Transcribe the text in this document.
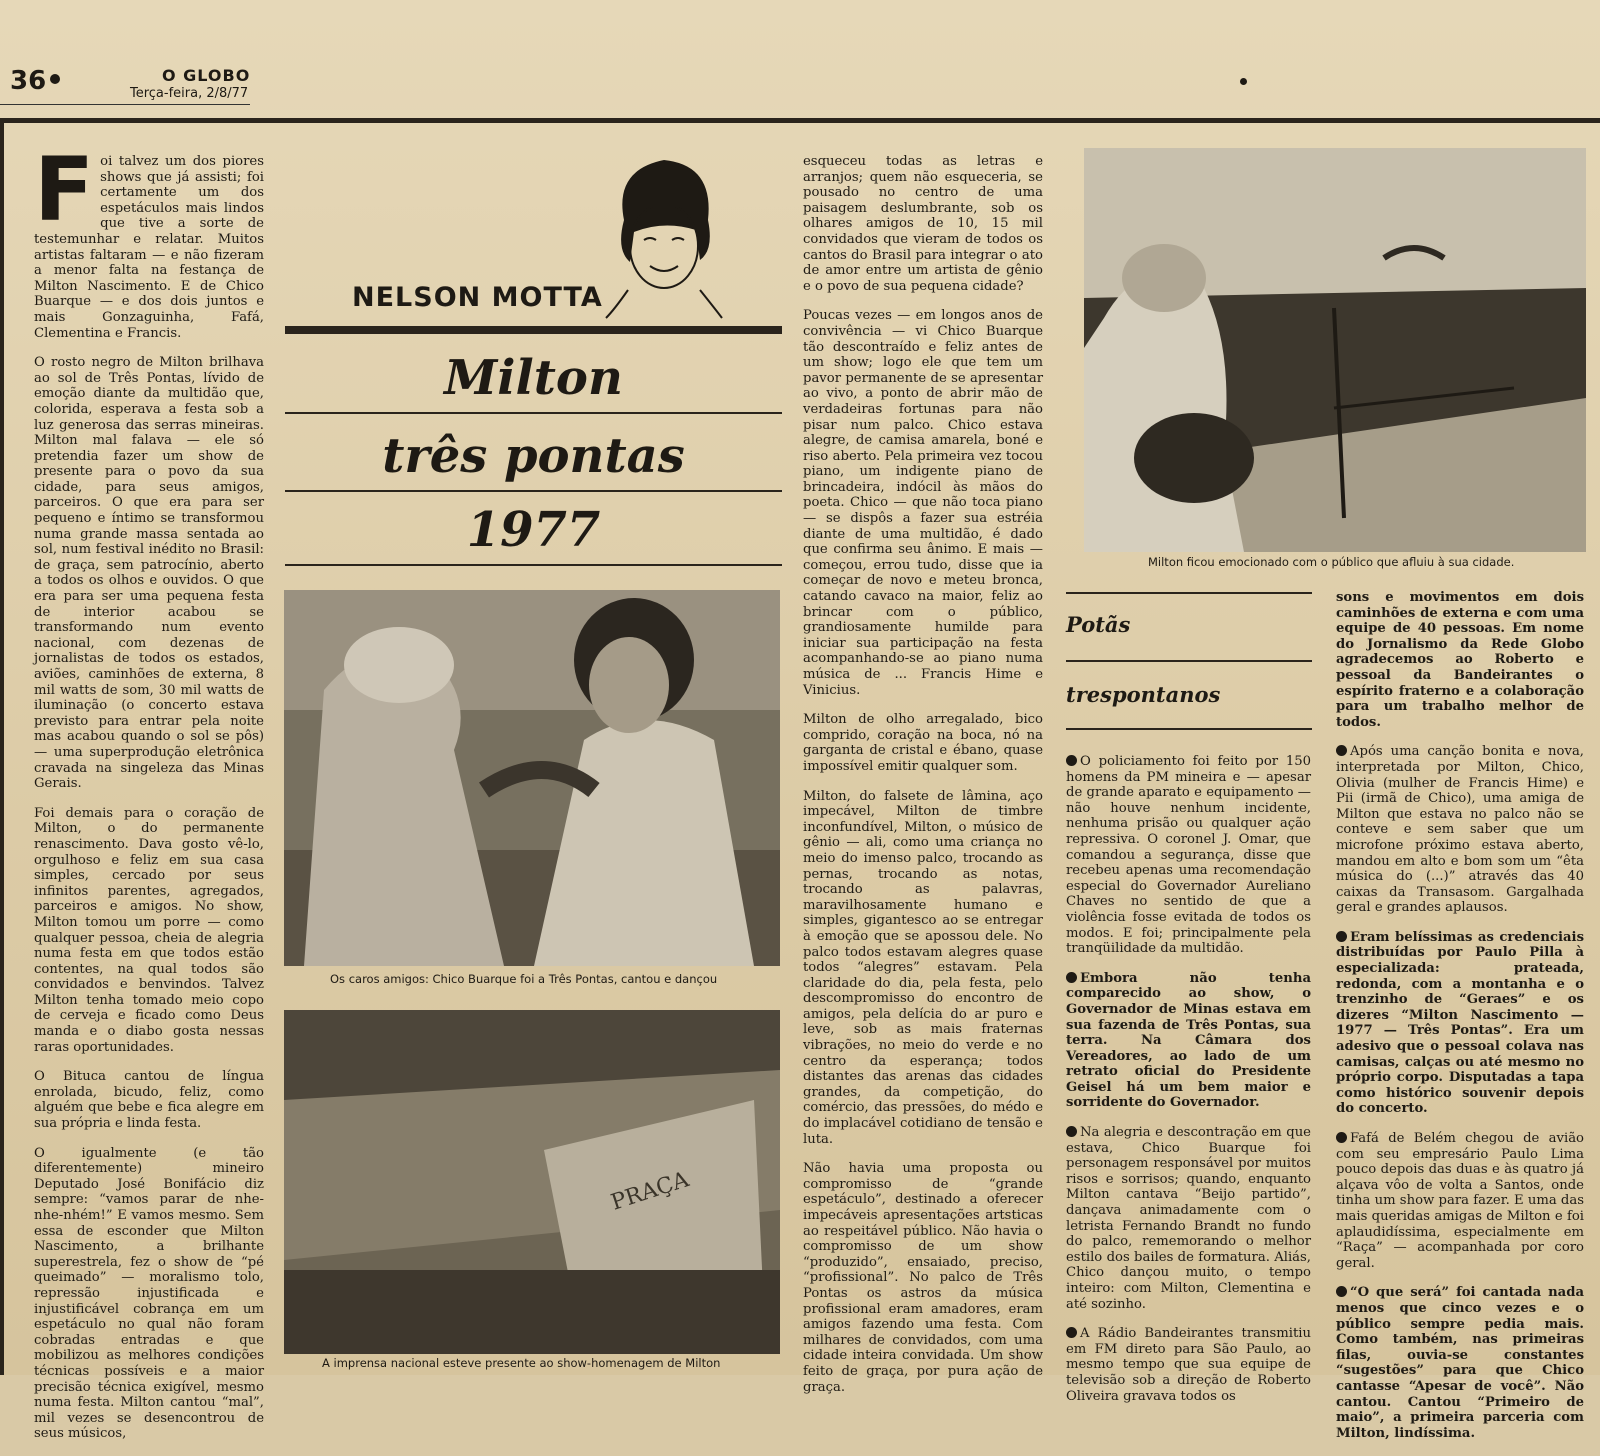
36	O GLOBO
Terça-feira, 2/8/77

Foi talvez um dos piores shows que já assisti; foi certamente um dos espetáculos mais lindos que tive a sorte de testemunhar e relatar. Muitos artistas faltaram — e não fizeram a menor falta na festança de Milton Nascimento. E de Chico Buarque — e dos dois juntos e mais Gonzaguinha, Fafá, Clementina e Francis.

O rosto negro de Milton brilhava ao sol de Três Pontas, lívido de emoção diante da multidão que, colorida, esperava a festa sob a luz generosa das serras mineiras. Milton mal falava — ele só pretendia fazer um show de presente para o povo da sua cidade, para seus amigos, parceiros. O que era para ser pequeno e íntimo se transformou numa grande massa sentada ao sol, num festival inédito no Brasil: de graça, sem patrocínio, aberto a todos os olhos e ouvidos. O que era para ser uma pequena festa de interior acabou se transformando num evento nacional, com dezenas de jornalistas de todos os estados, aviões, caminhões de externa, 8 mil watts de som, 30 mil watts de iluminação (o concerto estava previsto para entrar pela noite mas acabou quando o sol se pôs) — uma superprodução eletrônica cravada na singeleza das Minas Gerais.

Foi demais para o coração de Milton, o do permanente renascimento. Dava gosto vê-lo, orgulhoso e feliz em sua casa simples, cercado por seus infinitos parentes, agregados, parceiros e amigos. No show, Milton tomou um porre — como qualquer pessoa, cheia de alegria numa festa em que todos estão contentes, na qual todos são convidados e benvindos. Talvez Milton tenha tomado meio copo de cerveja e ficado como Deus manda e o diabo gosta nessas raras oportunidades.

O Bituca cantou de língua enrolada, bicudo, feliz, como alguém que bebe e fica alegre em sua própria e linda festa.

O igualmente (e tão diferentemente) mineiro Deputado José Bonifácio diz sempre: “vamos parar de nhe-nhe-nhém!” E vamos mesmo. Sem essa de esconder que Milton Nascimento, a brilhante superestrela, fez o show de “pé queimado” — moralismo tolo, repressão injustificada e injustificável cobrança em um espetáculo no qual não foram cobradas entradas e que mobilizou as melhores condições técnicas possíveis e a maior precisão técnica exigível, mesmo numa festa. Milton cantou “mal”, mil vezes se desencontrou de seus músicos,

NELSON MOTTA
Milton
três pontas
1977
Os caros amigos: Chico Buarque foi a Três Pontas, cantou e dançou
PRAÇA
A imprensa nacional esteve presente ao show-homenagem de Milton

esqueceu todas as letras e arranjos; quem não esqueceria, se pousado no centro de uma paisagem deslumbrante, sob os olhares amigos de 10, 15 mil convidados que vieram de todos os cantos do Brasil para integrar o ato de amor entre um artista de gênio e o povo de sua pequena cidade?

Poucas vezes — em longos anos de convivência — vi Chico Buarque tão descontraído e feliz antes de um show; logo ele que tem um pavor permanente de se apresentar ao vivo, a ponto de abrir mão de verdadeiras fortunas para não pisar num palco. Chico estava alegre, de camisa amarela, boné e riso aberto. Pela primeira vez tocou piano, um indigente piano de brincadeira, indócil às mãos do poeta. Chico — que não toca piano — se dispôs a fazer sua estréia diante de uma multidão, é dado que confirma seu ânimo. E mais — começou, errou tudo, disse que ia começar de novo e meteu bronca, catando cavaco na maior, feliz ao brincar com o público, grandiosamente humilde para iniciar sua participação na festa acompanhando-se ao piano numa música de ... Francis Hime e Vinicius.

Milton de olho arregalado, bico comprido, coração na boca, nó na garganta de cristal e ébano, quase impossível emitir qualquer som.

Milton, do falsete de lâmina, aço impecável, Milton de timbre inconfundível, Milton, o músico de gênio — ali, como uma criança no meio do imenso palco, trocando as pernas, trocando as notas, trocando as palavras, maravilhosamente humano e simples, gigantesco ao se entregar à emoção que se apossou dele. No palco todos estavam alegres quase todos “alegres” estavam. Pela claridade do dia, pela festa, pelo descompromisso do encontro de amigos, pela delícia do ar puro e leve, sob as mais fraternas vibrações, no meio do verde e no centro da esperança; todos distantes das arenas das cidades grandes, da competição, do comércio, das pressões, do médo e do implacável cotidiano de tensão e luta.

Não havia uma proposta ou compromisso de “grande espetáculo”, destinado a oferecer impecáveis apresentações artsticas ao respeitável público. Não havia o compromisso de um show “produzido”, ensaiado, preciso, “profissional”. No palco de Três Pontas os astros da música profissional eram amadores, eram amigos fazendo uma festa. Com milhares de convidados, com uma cidade inteira convidada. Um show feito de graça, por pura ação de graça.

Milton ficou emocionado com o público que afluiu à sua cidade.
Potãs
trespontanos

O policiamento foi feito por 150 homens da PM mineira e — apesar de grande aparato e equipamento — não houve nenhum incidente, nenhuma prisão ou qualquer ação repressiva. O coronel J. Omar, que comandou a segurança, disse que recebeu apenas uma recomendação especial do Governador Aureliano Chaves no sentido de que a violência fosse evitada de todos os modos. E foi; principalmente pela tranqüilidade da multidão.

Embora não tenha comparecido ao show, o Governador de Minas estava em sua fazenda de Três Pontas, sua terra. Na Câmara dos Vereadores, ao lado de um retrato oficial do Presidente Geisel há um bem maior e sorridente do Governador.

Na alegria e descontração em que estava, Chico Buarque foi personagem responsável por muitos risos e sorrisos; quando, enquanto Milton cantava “Beijo partido”, dançava animadamente com o letrista Fernando Brandt no fundo do palco, rememorando o melhor estilo dos bailes de formatura. Aliás, Chico dançou muito, o tempo inteiro: com Milton, Clementina e até sozinho.

A Rádio Bandeirantes transmitiu em FM direto para São Paulo, ao mesmo tempo que sua equipe de televisão sob a direção de Roberto Oliveira gravava todos os

sons e movimentos em dois caminhões de externa e com uma equipe de 40 pessoas. Em nome do Jornalismo da Rede Globo agradecemos ao Roberto e pessoal da Bandeirantes o espírito fraterno e a colaboração para um trabalho melhor de todos.

Após uma canção bonita e nova, interpretada por Milton, Chico, Olivia (mulher de Francis Hime) e Pii (irmã de Chico), uma amiga de Milton que estava no palco não se conteve e sem saber que um microfone próximo estava aberto, mandou em alto e bom som um “êta música do (...)” através das 40 caixas da Transasom. Gargalhada geral e grandes aplausos.

Eram belíssimas as credenciais distribuídas por Paulo Pilla à especializada: prateada, redonda, com a montanha e o trenzinho de “Geraes” e os dizeres “Milton Nascimento — 1977 — Três Pontas”. Era um adesivo que o pessoal colava nas camisas, calças ou até mesmo no próprio corpo. Disputadas a tapa como histórico souvenir depois do concerto.

Fafá de Belém chegou de avião com seu empresário Paulo Lima pouco depois das duas e às quatro já alçava vôo de volta a Santos, onde tinha um show para fazer. E uma das mais queridas amigas de Milton e foi aplaudidíssima, especialmente em “Raça” — acompanhada por coro geral.

“O que será” foi cantada nada menos que cinco vezes e o público sempre pedia mais. Como também, nas primeiras filas, ouvia-se constantes “sugestões” para que Chico cantasse “Apesar de você”. Não cantou. Cantou “Primeiro de maio”, a primeira parceria com Milton, lindíssima.
